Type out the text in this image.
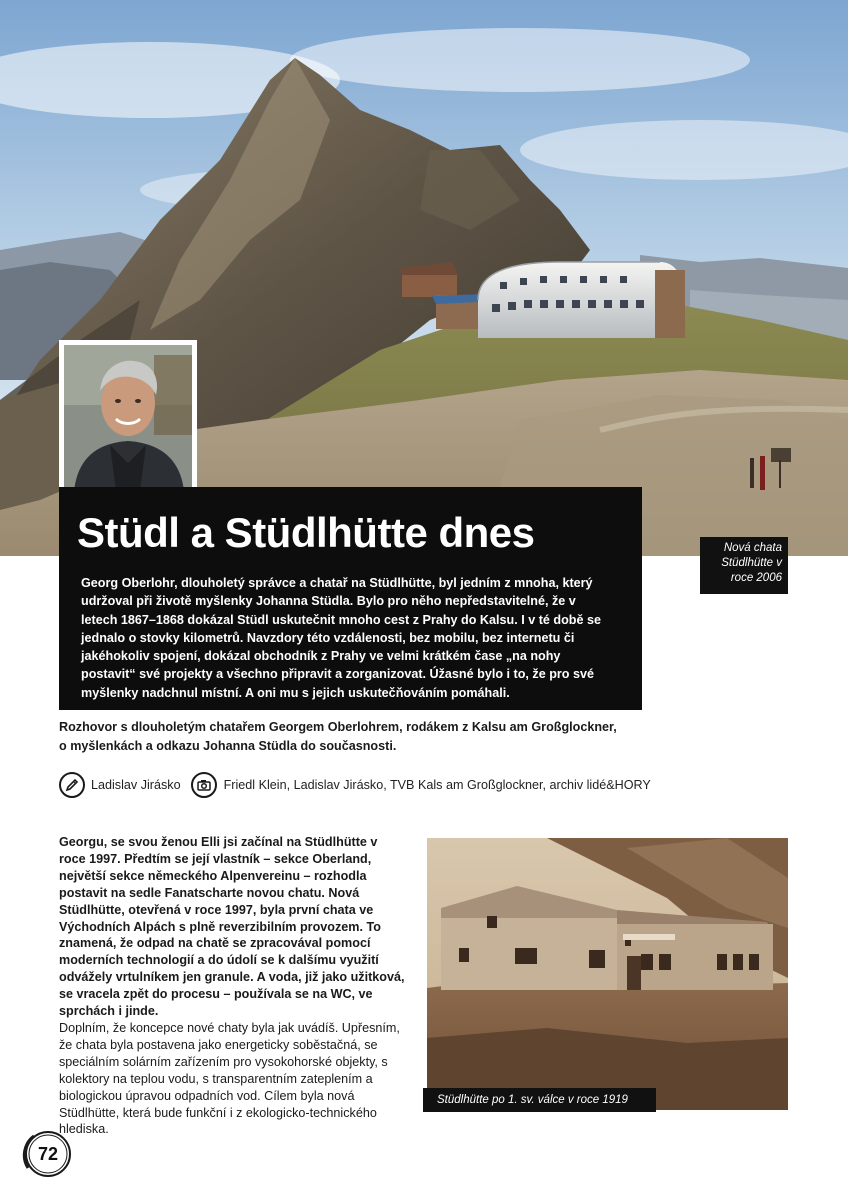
Nová chata Stüdlhütte v roce 2006
Stüdl a Stüdlhütte dnes

Georg Oberlohr, dlouholetý správce a chatař na Stüdlhütte, byl jedním z mnoha, který udržoval při životě myšlenky Johanna Stüdla. Bylo pro něho nepředstavitelné, že v letech 1867–1868 dokázal Stüdl uskutečnit mnoho cest z Prahy do Kalsu. I v té době se jednalo o stovky kilometrů. Navzdory této vzdálenosti, bez mobilu, bez internetu či jakéhokoliv spojení, dokázal obchodník z Prahy ve velmi krátkém čase „na nohy postavit“ své projekty a všechno připravit a zorganizovat. Úžasné bylo i to, že pro své myšlenky nadchnul místní. A oni mu s jejich uskutečňováním pomáhali.

Rozhovor s dlouholetým chatařem Georgem Oberlohrem, rodákem z Kalsu am Großglockner, o myšlenkách a odkazu Johanna Stüdla do současnosti.

Ladislav Jirásko	Friedl Klein, Ladislav Jirásko, TVB Kals am Großglockner, archiv lidé&HORY

Georgu, se svou ženou Elli jsi začínal na Stüdlhütte v roce 1997. Předtím se její vlastník – sekce Oberland, největší sekce německého Alpenvereinu – rozhodla postavit na sedle Fanatscharte novou chatu. Nová Stüdlhütte, otevřená v roce 1997, byla první chata ve Východních Alpách s plně reverzibilním provozem. To znamená, že odpad na chatě se zpracovával pomocí moderních technologií a do údolí se k dalšímu využití odvážely vrtulníkem jen granule. A voda, již jako užitková, se vracela zpět do procesu – používala se na WC, ve sprchách i jinde.

Doplním, že koncepce nové chaty byla jak uvádíš. Upřesním, že chata byla postavena jako energeticky soběstačná, se speciálním solárním zařízením pro vysokohorské objekty, s kolektory na teplou vodu, s transparentním zateplením a biologickou úpravou odpadních vod. Cílem byla nová Stüdlhütte, která bude funkční i z ekologicko-technického hlediska.

Stüdlhütte po 1. sv. válce v roce 1919
72
